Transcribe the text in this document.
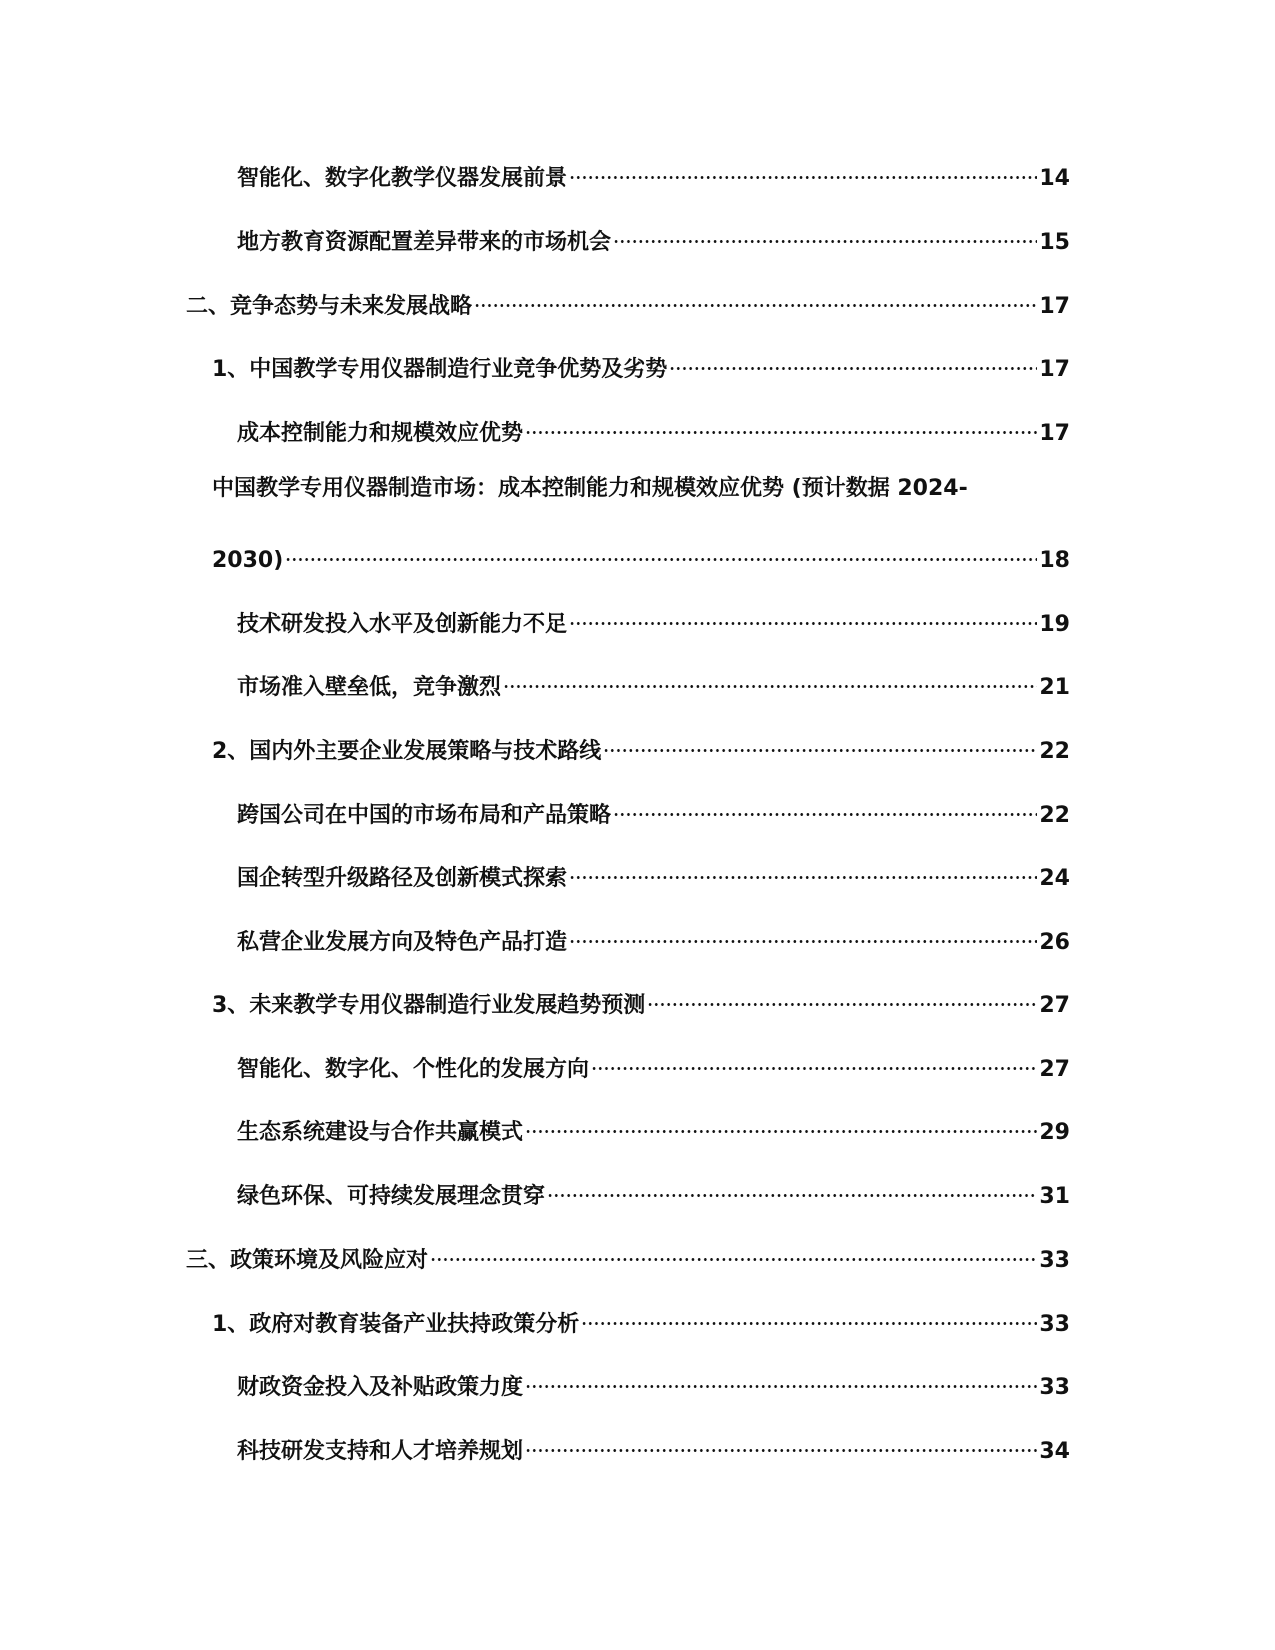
智能化、数字化教学仪器发展前景	14
地方教育资源配置差异带来的市场机会	15
二、竞争态势与未来发展战略	17
1、中国教学专用仪器制造行业竞争优势及劣势	17
成本控制能力和规模效应优势	17
中国教学专用仪器制造市场：成本控制能力和规模效应优势 (预计数据 2024-
2030)	18
技术研发投入水平及创新能力不足	19
市场准入壁垒低，竞争激烈	21
2、国内外主要企业发展策略与技术路线	22
跨国公司在中国的市场布局和产品策略	22
国企转型升级路径及创新模式探索	24
私营企业发展方向及特色产品打造	26
3、未来教学专用仪器制造行业发展趋势预测	27
智能化、数字化、个性化的发展方向	27
生态系统建设与合作共赢模式	29
绿色环保、可持续发展理念贯穿	31
三、政策环境及风险应对	33
1、政府对教育装备产业扶持政策分析	33
财政资金投入及补贴政策力度	33
科技研发支持和人才培养规划	34
